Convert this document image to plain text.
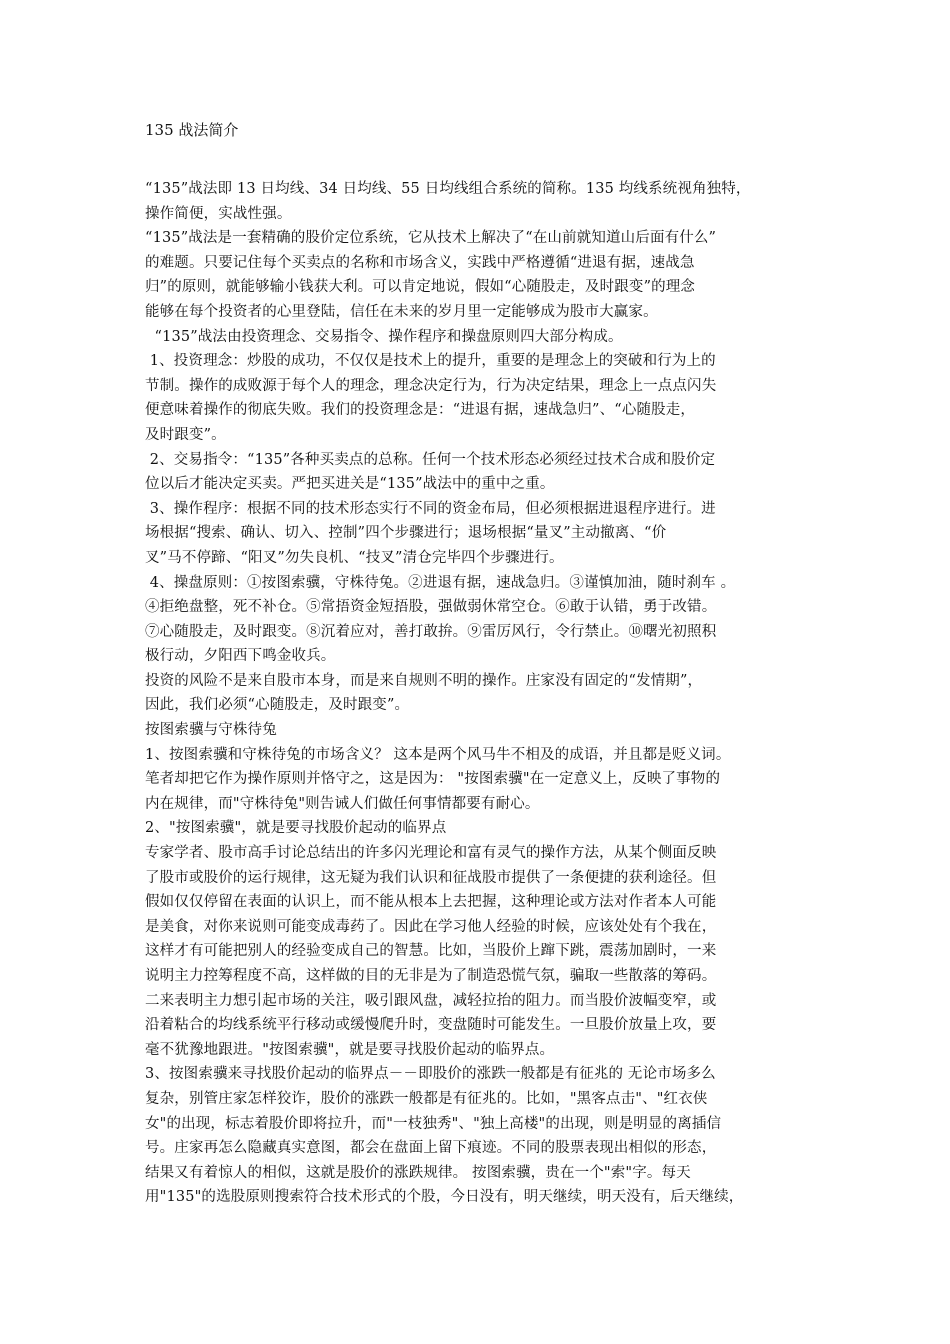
135 战法简介
“135”战法即 13 日均线、34 日均线、55 日均线组合系统的简称。135 均线系统视角独特，
操作简便，实战性强。
“135”战法是一套精确的股价定位系统，它从技术上解决了“在山前就知道山后面有什么”
的难题。只要记住每个买卖点的名称和市场含义，实践中严格遵循“进退有据，速战急
归”的原则，就能够输小钱获大利。可以肯定地说，假如“心随股走，及时跟变”的理念
能够在每个投资者的心里登陆，信任在未来的岁月里一定能够成为股市大赢家。
“135”战法由投资理念、交易指令、操作程序和操盘原则四大部分构成。
1、投资理念：炒股的成功，不仅仅是技术上的提升，重要的是理念上的突破和行为上的
节制。操作的成败源于每个人的理念，理念决定行为，行为决定结果，理念上一点点闪失
便意味着操作的彻底失败。我们的投资理念是：“进退有据，速战急归”、“心随股走，
及时跟变”。
2、交易指令：“135”各种买卖点的总称。任何一个技术形态必须经过技术合成和股价定
位以后才能决定买卖。严把买进关是“135”战法中的重中之重。
3、操作程序：根据不同的技术形态实行不同的资金布局，但必须根据进退程序进行。进
场根据“搜索、确认、切入、控制”四个步骤进行；退场根据“量叉”主动撤离、“价
叉”马不停蹄、“阳叉”勿失良机、“技叉”清仓完毕四个步骤进行。
4、操盘原则：①按图索骥，守株待兔。②进退有据，速战急归。③谨慎加油，随时刹车 。
④拒绝盘整，死不补仓。⑤常捂资金短捂股，强做弱休常空仓。⑥敢于认错，勇于改错。
⑦心随股走，及时跟变。⑧沉着应对，善打敢拚。⑨雷厉风行，令行禁止。⑩曙光初照积
极行动，夕阳西下鸣金收兵。
投资的风险不是来自股市本身，而是来自规则不明的操作。庄家没有固定的“发情期”，
因此，我们必须“心随股走，及时跟变”。
按图索骥与守株待兔
1、按图索骥和守株待兔的市场含义？ 这本是两个风马牛不相及的成语，并且都是贬义词。
笔者却把它作为操作原则并恪守之，这是因为： "按图索骥"在一定意义上，反映了事物的
内在规律，而"守株待兔"则告诫人们做任何事情都要有耐心。
2、"按图索骥"，就是要寻找股价起动的临界点
专家学者、股市高手讨论总结出的许多闪光理论和富有灵气的操作方法，从某个侧面反映
了股市或股价的运行规律，这无疑为我们认识和征战股市提供了一条便捷的获利途径。但
假如仅仅停留在表面的认识上，而不能从根本上去把握，这种理论或方法对作者本人可能
是美食，对你来说则可能变成毒药了。因此在学习他人经验的时候，应该处处有个我在，
这样才有可能把别人的经验变成自己的智慧。比如，当股价上蹿下跳，震荡加剧时，一来
说明主力控筹程度不高，这样做的目的无非是为了制造恐慌气氛，骗取一些散落的筹码。
二来表明主力想引起市场的关注，吸引跟风盘，减轻拉抬的阻力。而当股价波幅变窄，或
沿着粘合的均线系统平行移动或缓慢爬升时，变盘随时可能发生。一旦股价放量上攻，要
毫不犹豫地跟进。"按图索骥"，就是要寻找股价起动的临界点。
3、按图索骥来寻找股价起动的临界点－－即股价的涨跌一般都是有征兆的 无论市场多么
复杂，别管庄家怎样狡诈，股价的涨跌一般都是有征兆的。比如，"黑客点击"、"红衣侠
女"的出现，标志着股价即将拉升，而"一枝独秀"、"独上高楼"的出现，则是明显的离插信
号。庄家再怎么隐藏真实意图，都会在盘面上留下痕迹。不同的股票表现出相似的形态，
结果又有着惊人的相似，这就是股价的涨跌规律。 按图索骥，贵在一个"索"字。每天
用"135"的选股原则搜索符合技术形式的个股，今日没有，明天继续，明天没有，后天继续，
